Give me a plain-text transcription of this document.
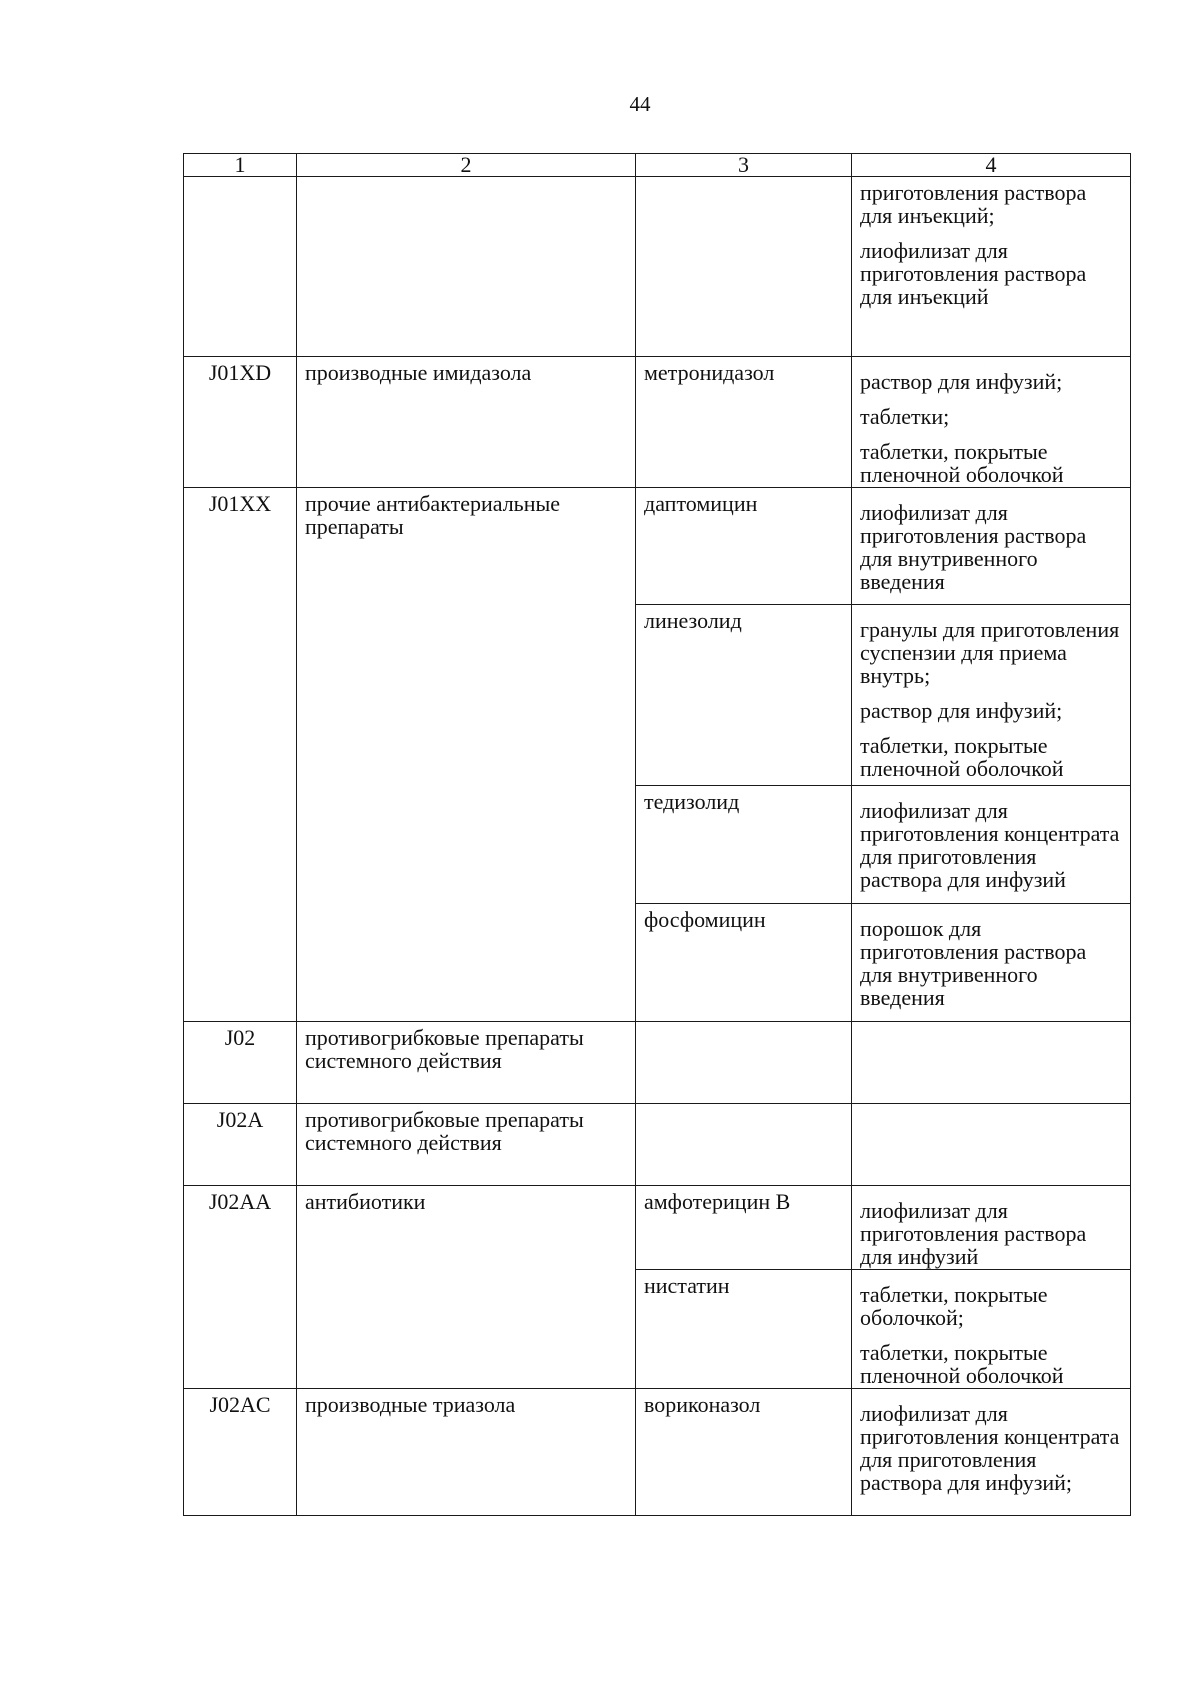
44
1	2	3	4

			приготовления раствора для инъекций;
лиофилизат для приготовления раствора для инъекций

J01XD	производные имидазола	метронидазол	раствор для инфузий;
таблетки;
таблетки, покрытые пленочной оболочкой

J01XX	прочие антибактериальные препараты	даптомицин	лиофилизат для приготовления раствора для внутривенного введения

		линезолид	гранулы для приготовления суспензии для приема внутрь;
раствор для инфузий;
таблетки, покрытые пленочной оболочкой

		тедизолид	лиофилизат для приготовления концентрата для приготовления раствора для инфузий

		фосфомицин	порошок для приготовления раствора для внутривенного введения

J02	противогрибковые препараты системного действия		

J02A	противогрибковые препараты системного действия		

J02AA	антибиотики	амфотерицин B	лиофилизат для приготовления раствора для инфузий

		нистатин	таблетки, покрытые оболочкой;
таблетки, покрытые пленочной оболочкой

J02AC	производные триазола	вориконазол	лиофилизат для приготовления концентрата для приготовления раствора для инфузий;
